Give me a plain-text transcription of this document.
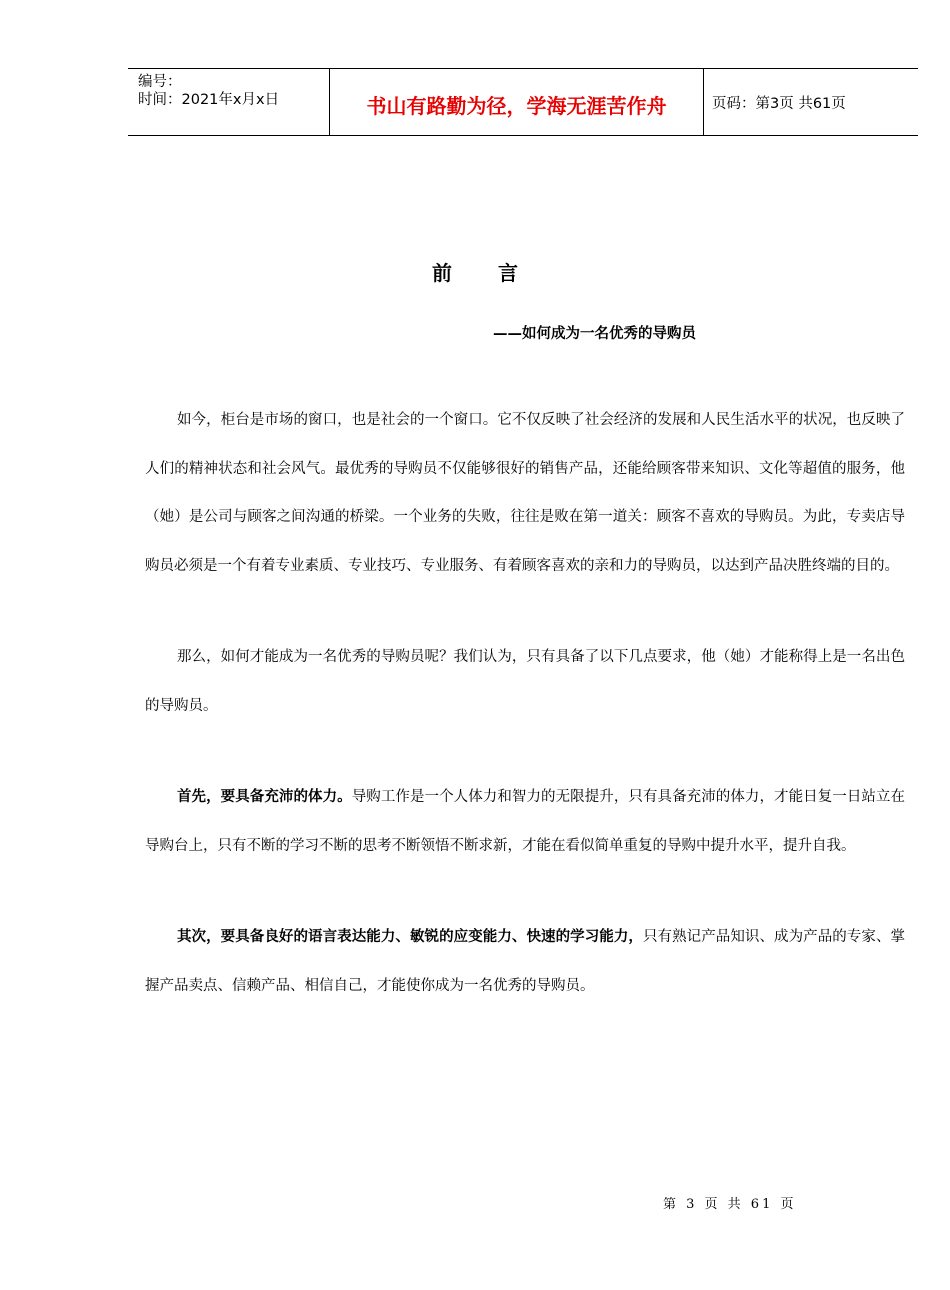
编号：
时间：2021年x月x日	书山有路勤为径，学海无涯苦作舟	页码：第3页 共61页
前言
——如何成为一名优秀的导购员

如今，柜台是市场的窗口，也是社会的一个窗口。它不仅反映了社会经济的发展和人民生活水平的状况，也反映了人们的精神状态和社会风气。最优秀的导购员不仅能够很好的销售产品，还能给顾客带来知识、文化等超值的服务，他（她）是公司与顾客之间沟通的桥梁。一个业务的失败，往往是败在第一道关：顾客不喜欢的导购员。为此，专卖店导购员必须是一个有着专业素质、专业技巧、专业服务、有着顾客喜欢的亲和力的导购员，以达到产品决胜终端的目的。

那么，如何才能成为一名优秀的导购员呢？我们认为，只有具备了以下几点要求，他（她）才能称得上是一名出色的导购员。

首先，要具备充沛的体力。导购工作是一个人体力和智力的无限提升，只有具备充沛的体力，才能日复一日站立在导购台上，只有不断的学习不断的思考不断领悟不断求新，才能在看似简单重复的导购中提升水平，提升自我。

其次，要具备良好的语言表达能力、敏锐的应变能力、快速的学习能力，只有熟记产品知识、成为产品的专家、掌握产品卖点、信赖产品、相信自己，才能使你成为一名优秀的导购员。

第 3 页 共 61 页
